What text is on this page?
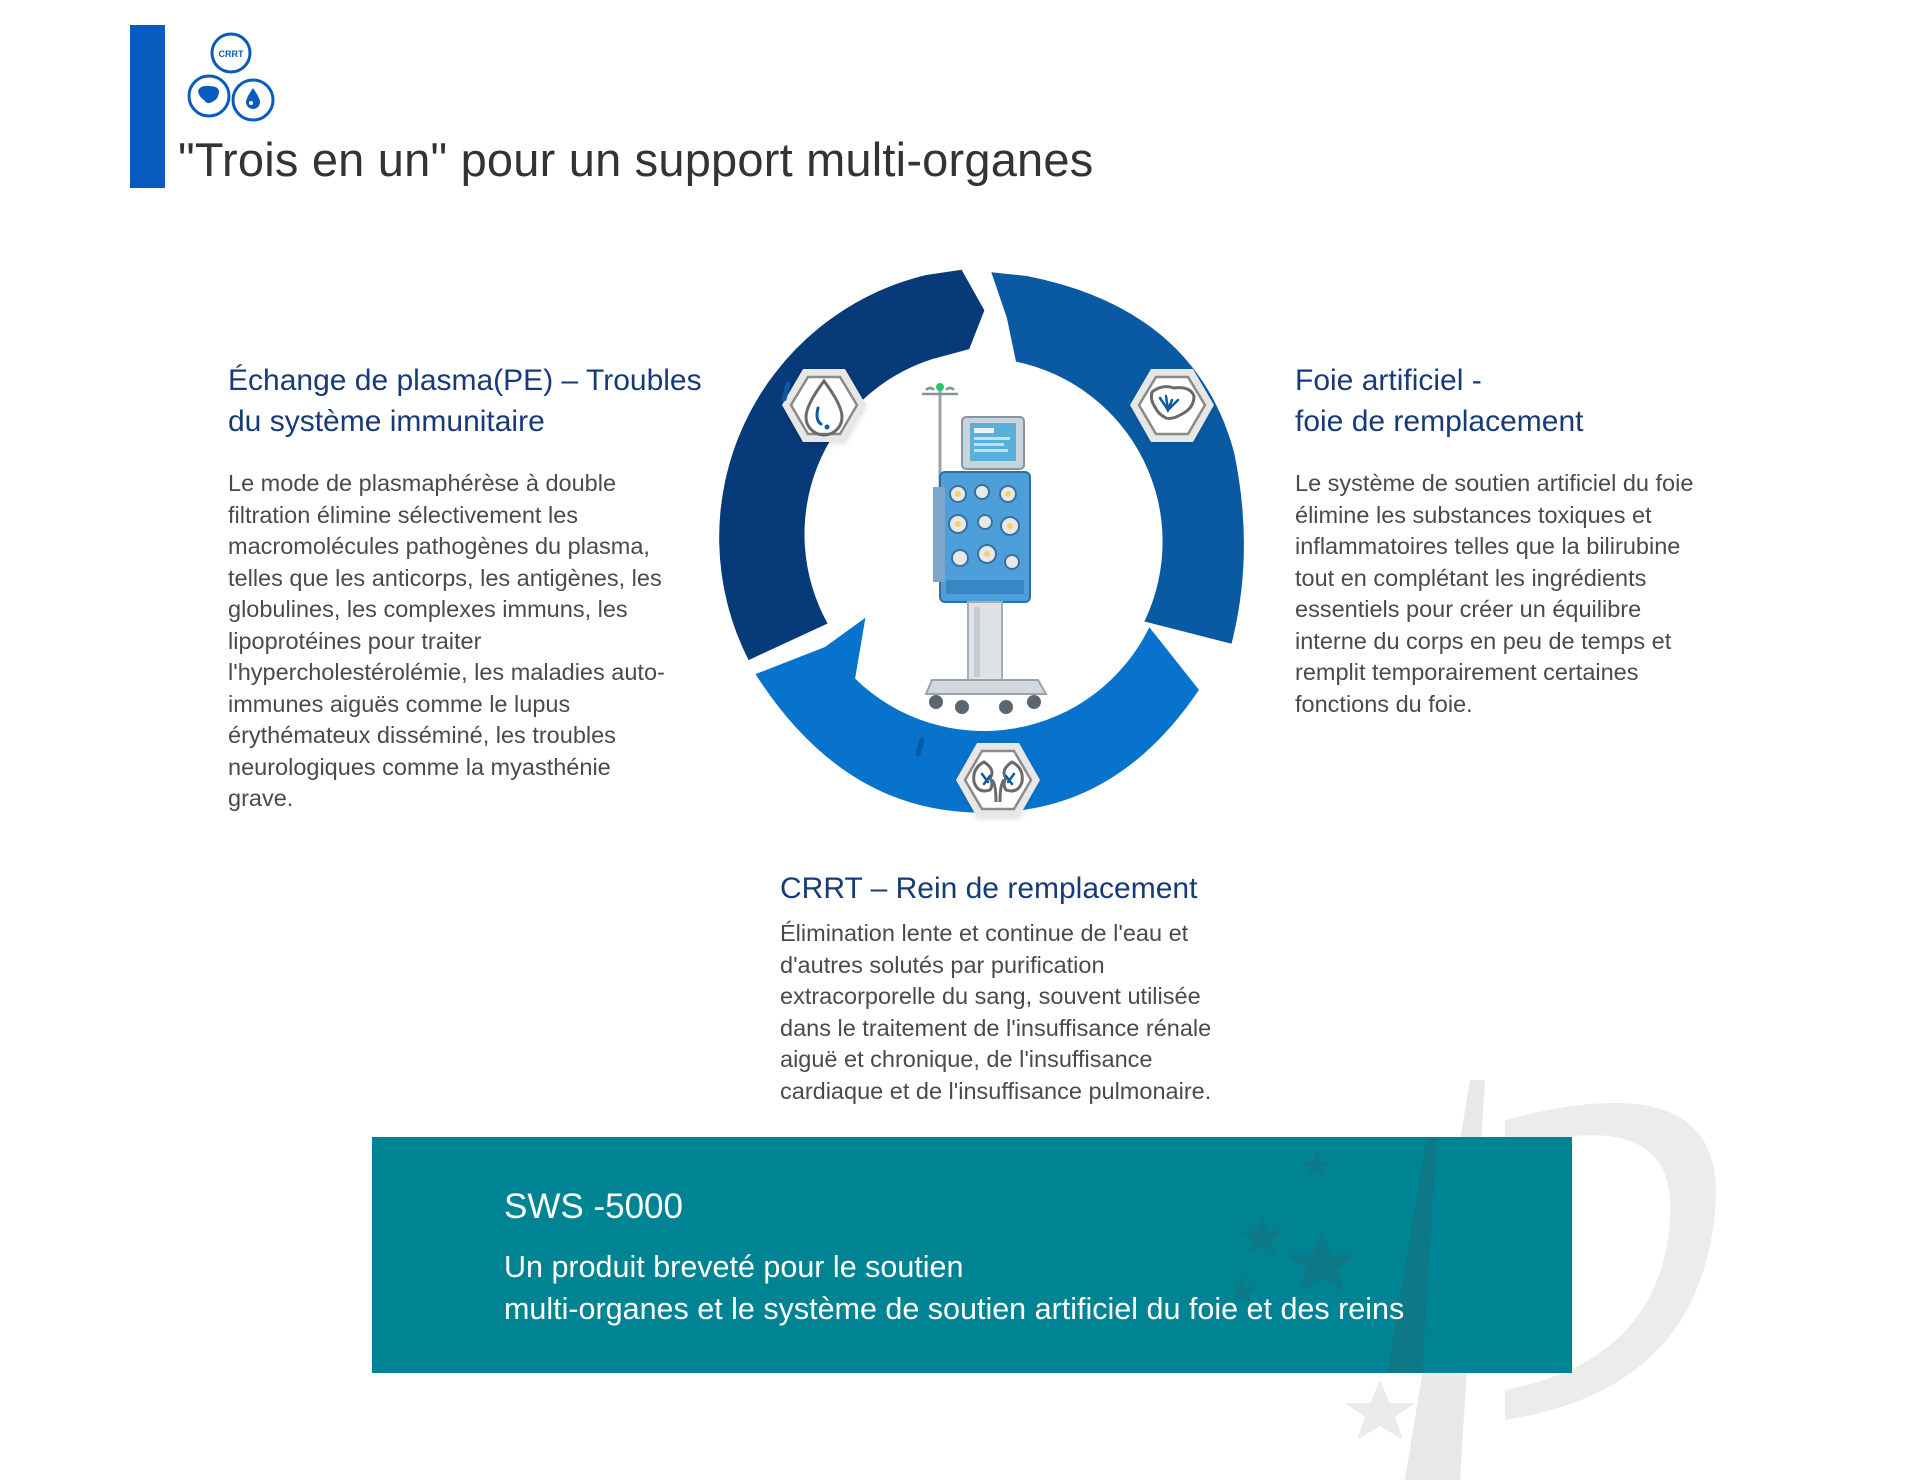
CRRT
"Trois en un" pour un support multi-organes
Échange de plasma(PE) – Troubles
du système immunitaire
Le mode de plasmaphérèse à double filtration élimine sélectivement les macromolécules pathogènes du plasma, telles que les anticorps, les antigènes, les globulines, les complexes immuns, les lipoprotéines pour traiter l'hypercholestérolémie, les maladies auto-immunes aiguës comme le lupus érythémateux disséminé, les troubles neurologiques comme la myasthénie grave.
Foie artificiel -
foie de remplacement
Le système de soutien artificiel du foie élimine les substances toxiques et inflammatoires telles que la bilirubine tout en complétant les ingrédients essentiels pour créer un équilibre interne du corps en peu de temps et remplit temporairement certaines fonctions du foie.
CRRT – Rein de remplacement
Élimination lente et continue de l'eau et d'autres solutés par purification extracorporelle du sang, souvent utilisée dans le traitement de l'insuffisance rénale aiguë et chronique, de l'insuffisance cardiaque et de l'insuffisance pulmonaire.
SWS -5000
Un produit breveté pour le soutien
multi-organes et le système de soutien artificiel du foie et des reins
